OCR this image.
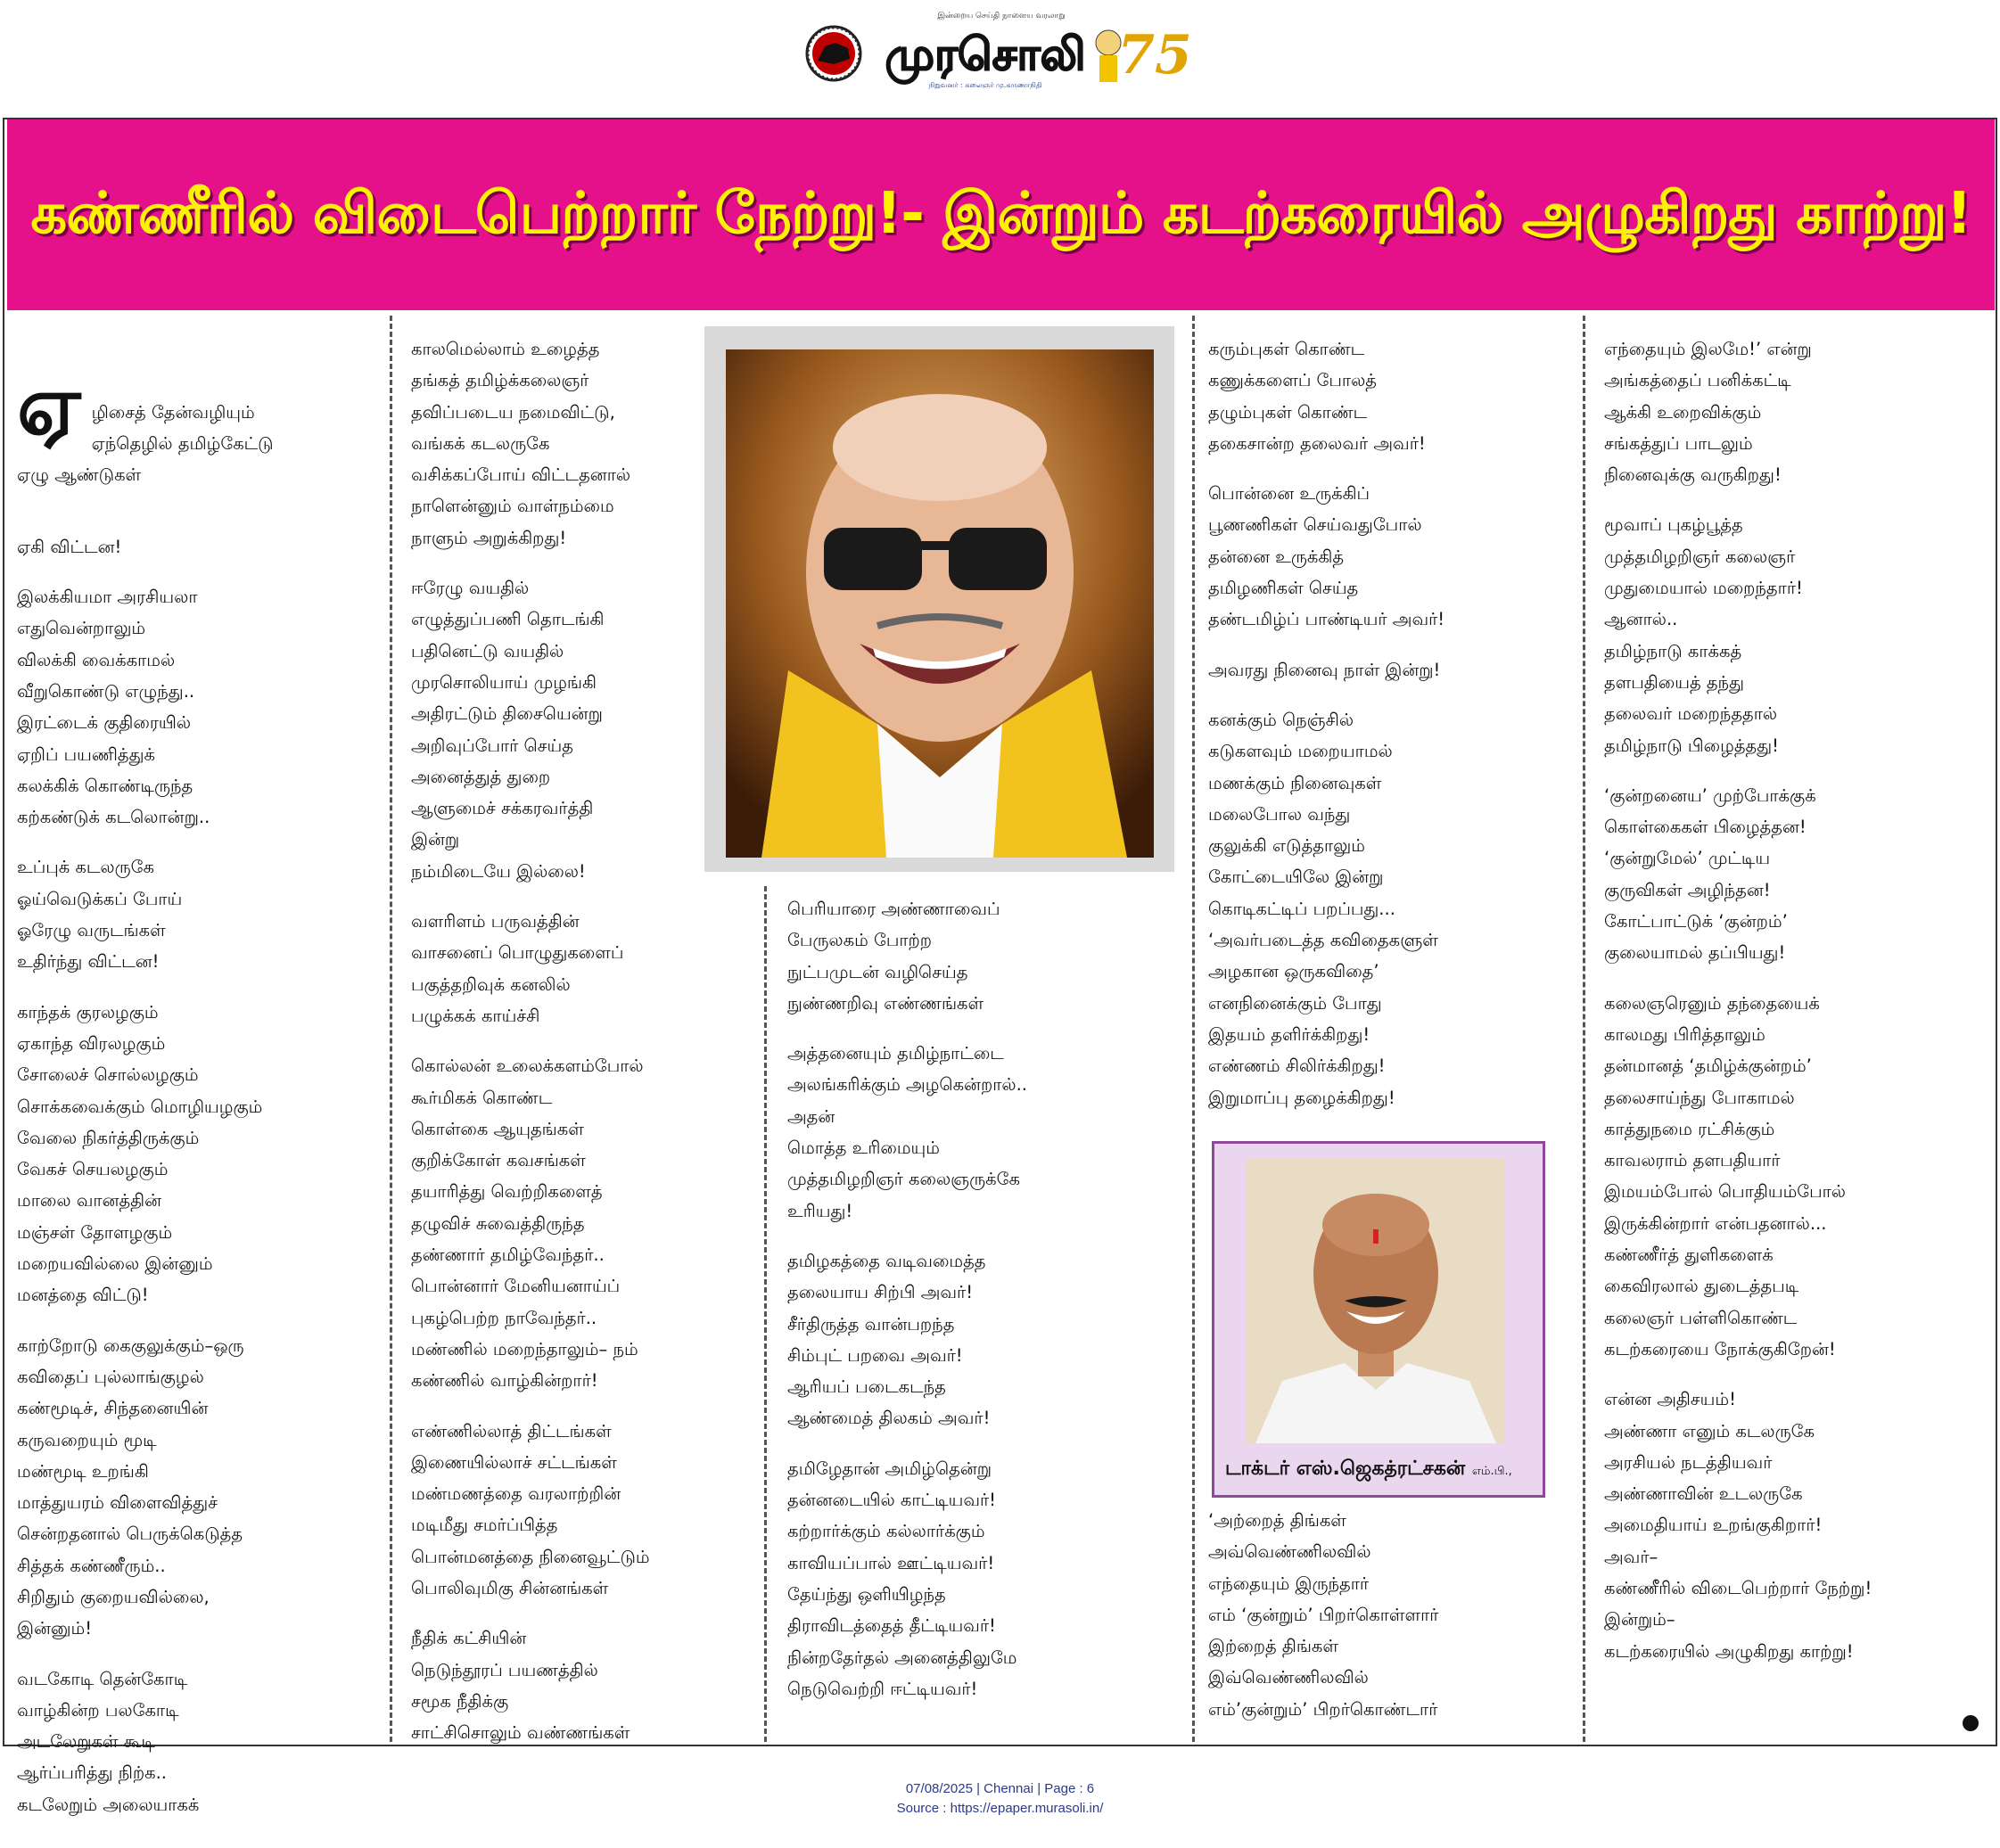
இன்றைய செய்தி நாளைய வரலாறு
முரசொலி
நிறுவனர் : கலைஞர் மு.கருணாநிதி 75
கண்ணீரில் விடைபெற்றார் நேற்று!- இன்றும் கடற்கரையில் அழுகிறது காற்று!

ஏ ழிசைத் தேன்வழியும்
ஏந்தெழில் தமிழ்கேட்டு
ஏழு ஆண்டுகள்

ஏகி விட்டன!

இலக்கியமா அரசியலா
எதுவென்றாலும்
விலக்கி வைக்காமல்
வீறுகொண்டு எழுந்து..
இரட்டைக் குதிரையில்
ஏறிப் பயணித்துக்
கலக்கிக் கொண்டிருந்த
கற்கண்டுக் கடலொன்று..

உப்புக் கடலருகே
ஓய்வெடுக்கப் போய்
ஓரேழு வருடங்கள்
உதிர்ந்து விட்டன!

காந்தக் குரலழகும்
ஏகாந்த விரலழகும்
சோலைச் சொல்லழகும்
சொக்கவைக்கும் மொழியழகும்
வேலை நிகர்த்திருக்கும்
வேகச் செயலழகும்
மாலை வானத்தின்
மஞ்சள் தோளழகும்
மறையவில்லை இன்னும்
மனத்தை விட்டு!

காற்றோடு கைகுலுக்கும்–ஒரு
கவிதைப் புல்லாங்குழல்
கண்மூடிச், சிந்தனையின்
கருவறையும் மூடி
மண்மூடி உறங்கி
மாத்துயரம் விளைவித்துச்
சென்றதனால் பெருக்கெடுத்த
சித்தக் கண்ணீரும்..
சிறிதும் குறையவில்லை,
இன்னும்!

வடகோடி தென்கோடி
வாழ்கின்ற பலகோடி
அடலேறுகள் கூடி
ஆர்ப்பரித்து நிற்க..
கடலேறும் அலையாகக்

காலமெல்லாம் உழைத்த
தங்கத் தமிழ்க்கலைஞர்
தவிப்படைய நமைவிட்டு,
வங்கக் கடலருகே
வசிக்கப்போய் விட்டதனால்
நாளென்னும் வாள்நம்மை
நாளும் அறுக்கிறது!

ஈரேழு வயதில்
எழுத்துப்பணி தொடங்கி
பதினெட்டு வயதில்
முரசொலியாய் முழங்கி
அதிரட்டும் திசையென்று
அறிவுப்போர் செய்த
அனைத்துத் துறை
ஆளுமைச் சக்கரவர்த்தி
இன்று
நம்மிடையே இல்லை!

வளரிளம் பருவத்தின்
வாசனைப் பொழுதுகளைப்
பகுத்தறிவுக் கனலில்
பழுக்கக் காய்ச்சி

கொல்லன் உலைக்களம்போல்
கூர்மிகக் கொண்ட
கொள்கை ஆயுதங்கள்
குறிக்கோள் கவசங்கள்
தயாரித்து வெற்றிகளைத்
தழுவிச் சுவைத்திருந்த
தண்ணார் தமிழ்வேந்தர்..
பொன்னார் மேனியனாய்ப்
புகழ்பெற்ற நாவேந்தர்..
மண்ணில் மறைந்தாலும்– நம்
கண்ணில் வாழ்கின்றார்!

எண்ணில்லாத் திட்டங்கள்
இணையில்லாச் சட்டங்கள்
மண்மணத்தை வரலாற்றின்
மடிமீது சமர்ப்பித்த
பொன்மனத்தை நினைவூட்டும்
பொலிவுமிகு சின்னங்கள்

நீதிக் கட்சியின்
நெடுந்தூரப் பயணத்தில்
சமூக நீதிக்கு
சாட்சிசொலும் வண்ணங்கள்

பெரியாரை அண்ணாவைப்
பேருலகம் போற்ற
நுட்பமுடன் வழிசெய்த
நுண்ணறிவு எண்ணங்கள்

அத்தனையும் தமிழ்நாட்டை
அலங்கரிக்கும் அழகென்றால்..
அதன்
மொத்த உரிமையும்
முத்தமிழறிஞர் கலைஞருக்கே
உரியது!

தமிழகத்தை வடிவமைத்த
தலையாய சிற்பி அவர்!
சீர்திருத்த வான்பறந்த
சிம்புட் பறவை அவர்!
ஆரியப் படைகடந்த
ஆண்மைத் திலகம் அவர்!

தமிழேதான் அமிழ்தென்று
தன்னடையில் காட்டியவர்!
கற்றார்க்கும் கல்லார்க்கும்
காவியப்பால் ஊட்டியவர்!
தேய்ந்து ஒளியிழந்த
திராவிடத்தைத் தீட்டியவர்!
நின்றதேர்தல் அனைத்திலுமே
நெடுவெற்றி ஈட்டியவர்!

கரும்புகள் கொண்ட
கணுக்களைப் போலத்
தழும்புகள் கொண்ட
தகைசான்ற தலைவர் அவர்!

பொன்னை உருக்கிப்
பூணணிகள் செய்வதுபோல்
தன்னை உருக்கித்
தமிழணிகள் செய்த
தண்டமிழ்ப் பாண்டியர் அவர்!

அவரது நினைவு நாள் இன்று!

கனக்கும் நெஞ்சில்
கடுகளவும் மறையாமல்
மணக்கும் நினைவுகள்
மலைபோல வந்து
குலுக்கி எடுத்தாலும்
கோட்டையிலே இன்று
கொடிகட்டிப் பறப்பது...
‘அவர்படைத்த கவிதைகளுள்
அழகான ஒருகவிதை’
எனநினைக்கும் போது
இதயம் தளிர்க்கிறது!
எண்ணம் சிலிர்க்கிறது!
இறுமாப்பு தழைக்கிறது!

டாக்டர் எஸ்.ஜெகத்ரட்சகன் எம்.பி.,

‘அற்றைத் திங்கள்
அவ்வெண்ணிலவில்
எந்தையும் இருந்தார்
எம் ‘குன்றும்’ பிறர்கொள்ளார்
இற்றைத் திங்கள்
இவ்வெண்ணிலவில்
எம்’குன்றும்’ பிறர்கொண்டார்

எந்தையும் இலமே!’ என்று
அங்கத்தைப் பனிக்கட்டி
ஆக்கி உறைவிக்கும்
சங்கத்துப் பாடலும்
நினைவுக்கு வருகிறது!

மூவாப் புகழ்பூத்த
முத்தமிழறிஞர் கலைஞர்
முதுமையால் மறைந்தார்!
ஆனால்..
தமிழ்நாடு காக்கத்
தளபதியைத் தந்து
தலைவர் மறைந்ததால்
தமிழ்நாடு பிழைத்தது!

‘குன்றனைய’ முற்போக்குக்
கொள்கைகள் பிழைத்தன!
‘குன்றுமேல்’ முட்டிய
குருவிகள் அழிந்தன!
கோட்பாட்டுக் ‘குன்றம்’
குலையாமல் தப்பியது!

கலைஞரெனும் தந்தையைக்
காலமது பிரித்தாலும்
தன்மானத் ‘தமிழ்க்குன்றம்’
தலைசாய்ந்து போகாமல்
காத்துநமை ரட்சிக்கும்
காவலராம் தளபதியார்
இமயம்போல் பொதியம்போல்
இருக்கின்றார் என்பதனால்...
கண்ணீர்த் துளிகளைக்
கைவிரலால் துடைத்தபடி
கலைஞர் பள்ளிகொண்ட
கடற்கரையை நோக்குகிறேன்!

என்ன அதிசயம்!
அண்ணா எனும் கடலருகே
அரசியல் நடத்தியவர்
அண்ணாவின் உடலருகே
அமைதியாய் உறங்குகிறார்!
அவர்–
கண்ணீரில் விடைபெற்றார் நேற்று!
இன்றும்–
கடற்கரையில் அழுகிறது காற்று!

07/08/2025 | Chennai | Page : 6
Source : https://epaper.murasoli.in/
